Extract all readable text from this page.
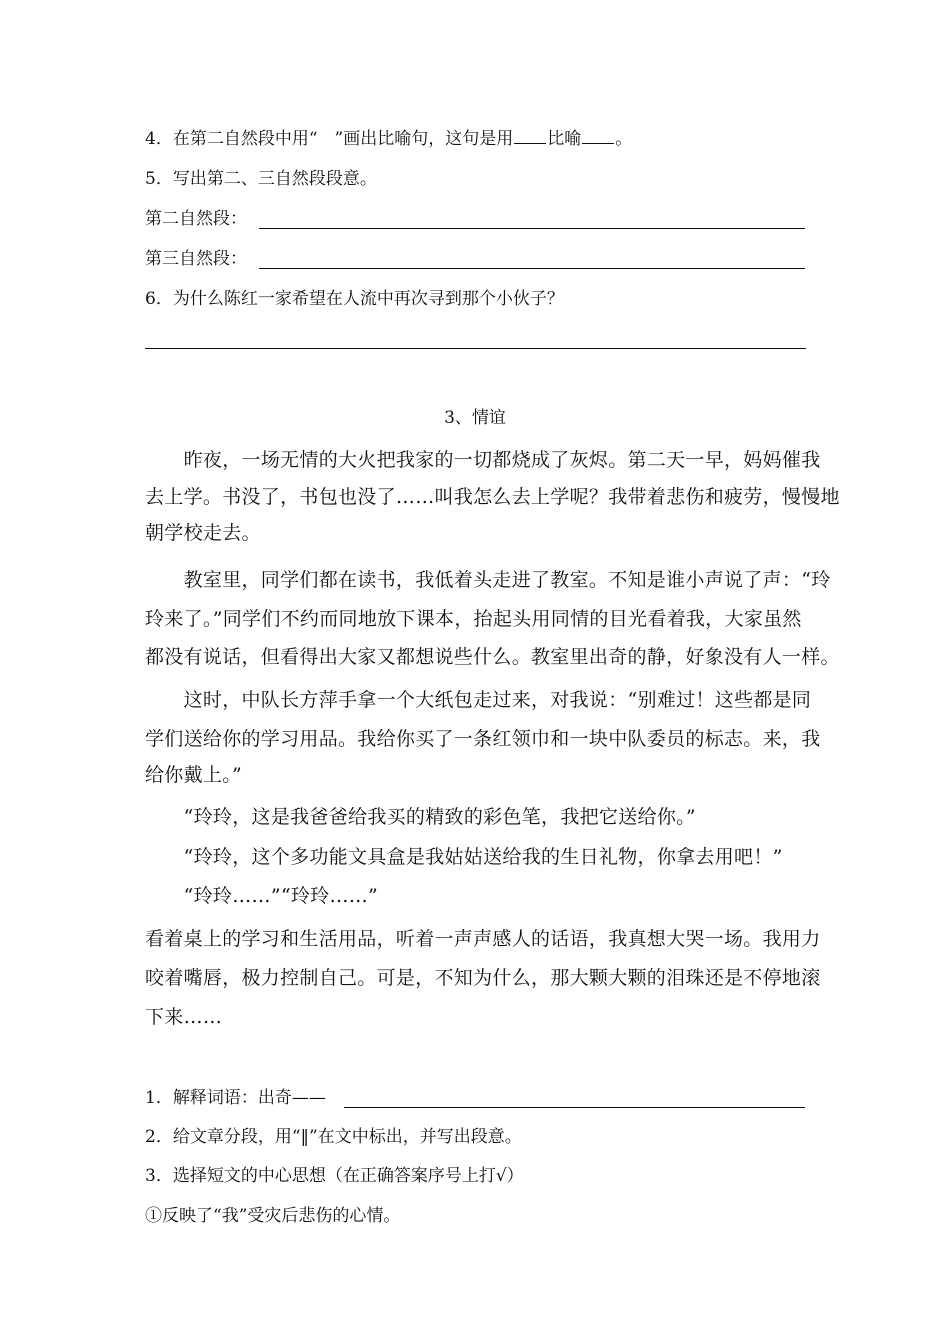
4．在第二自然段中用“　”画出比喻句，这句是用 比喻 。
5．写出第二、三自然段段意。
第二自然段：
第三自然段：
6．为什么陈红一家希望在人流中再次寻到那个小伙子？
3、情谊
　　昨夜，一场无情的大火把我家的一切都烧成了灰烬。第二天一早，妈妈催我
去上学。书没了，书包也没了……叫我怎么去上学呢？我带着悲伤和疲劳，慢慢地
朝学校走去。
　　教室里，同学们都在读书，我低着头走进了教室。不知是谁小声说了声：“玲
玲来了。”同学们不约而同地放下课本，抬起头用同情的目光看着我，大家虽然
都没有说话，但看得出大家又都想说些什么。教室里出奇的静，好象没有人一样。
　　这时，中队长方萍手拿一个大纸包走过来，对我说：“别难过！这些都是同
学们送给你的学习用品。我给你买了一条红领巾和一块中队委员的标志。来，我
给你戴上。”
　　“玲玲，这是我爸爸给我买的精致的彩色笔，我把它送给你。”
　　“玲玲，这个多功能文具盒是我姑姑送给我的生日礼物，你拿去用吧！”
　　“玲玲……”“玲玲……”
看着桌上的学习和生活用品，听着一声声感人的话语，我真想大哭一场。我用力
咬着嘴唇，极力控制自己。可是，不知为什么，那大颗大颗的泪珠还是不停地滚
下来……
1．解释词语：出奇——
2．给文章分段，用“‖”在文中标出，并写出段意。
3．选择短文的中心思想（在正确答案序号上打√）
①反映了“我”受灾后悲伤的心情。
